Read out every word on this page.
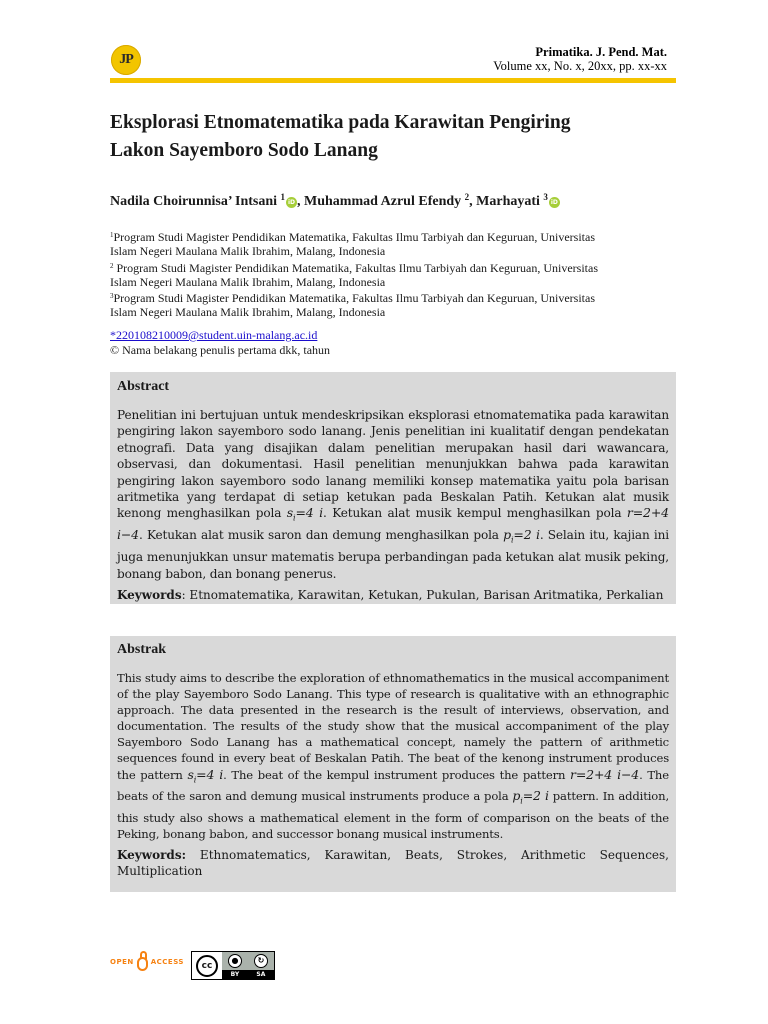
JP	Primatika. J. Pend. Mat.
Volume xx, No. x, 20xx, pp. xx-xx
Eksplorasi Etnomatematika pada Karawitan Pengiring
Lakon Sayemboro Sodo Lanang
Nadila Choirunnisa’ Intsani $^1$iD , Muhammad Azrul Efendy $^2$, Marhayati $^3$iD
$^1$Program Studi Magister Pendidikan Matematika, Fakultas Ilmu Tarbiyah dan Keguruan, Universitas
Islam Negeri Maulana Malik Ibrahim, Malang, Indonesia
$^2$ Program Studi Magister Pendidikan Matematika, Fakultas Ilmu Tarbiyah dan Keguruan, Universitas
Islam Negeri Maulana Malik Ibrahim, Malang, Indonesia
$^3$Program Studi Magister Pendidikan Matematika, Fakultas Ilmu Tarbiyah dan Keguruan, Universitas
Islam Negeri Maulana Malik Ibrahim, Malang, Indonesia
*220108210009@student.uin-malang.ac.id
© Nama belakang penulis pertama dkk, tahun
Abstract

Penelitian ini bertujuan untuk mendeskripsikan eksplorasi etnomatematika pada karawitan pengiring lakon sayemboro sodo lanang. Jenis penelitian ini kualitatif dengan pendekatan etnografi. Data yang disajikan dalam penelitian merupakan hasil dari wawancara, observasi, dan dokumentasi. Hasil penelitian menunjukkan bahwa pada karawitan pengiring lakon sayemboro sodo lanang memiliki konsep matematika yaitu pola barisan aritmetika yang terdapat di setiap ketukan pada Beskalan Patih. Ketukan alat musik kenong menghasilkan pola $s_i=4$ i. Ketukan alat musik kempul menghasilkan pola r=2+4 i−4. Ketukan alat musik saron dan demung menghasilkan pola $p_i=2$ i. Selain itu, kajian ini juga menunjukkan unsur matematis berupa perbandingan pada ketukan alat musik peking, bonang babon, dan bonang penerus.

Keywords: Etnomatematika, Karawitan, Ketukan, Pukulan, Barisan Aritmatika, Perkalian
Abstrak

This study aims to describe the exploration of ethnomathematics in the musical accompaniment of the play Sayemboro Sodo Lanang. This type of research is qualitative with an ethnographic approach. The data presented in the research is the result of interviews, observation, and documentation. The results of the study show that the musical accompaniment of the play Sayemboro Sodo Lanang has a mathematical concept, namely the pattern of arithmetic sequences found in every beat of Beskalan Patih. The beat of the kenong instrument produces the pattern $s_i=4$ i. The beat of the kempul instrument produces the pattern r=2+4 i−4. The beats of the saron and demung musical instruments produce a pola $p_i=2$ i pattern. In addition, this study also shows a mathematical element in the form of comparison on the beats of the Peking, bonang babon, and successor bonang musical instruments.

Keywords: Ethnomatematics, Karawitan, Beats, Strokes, Arithmetic Sequences, Multiplication
OPEN ACCESS	cc	●	↻
BY	SA
